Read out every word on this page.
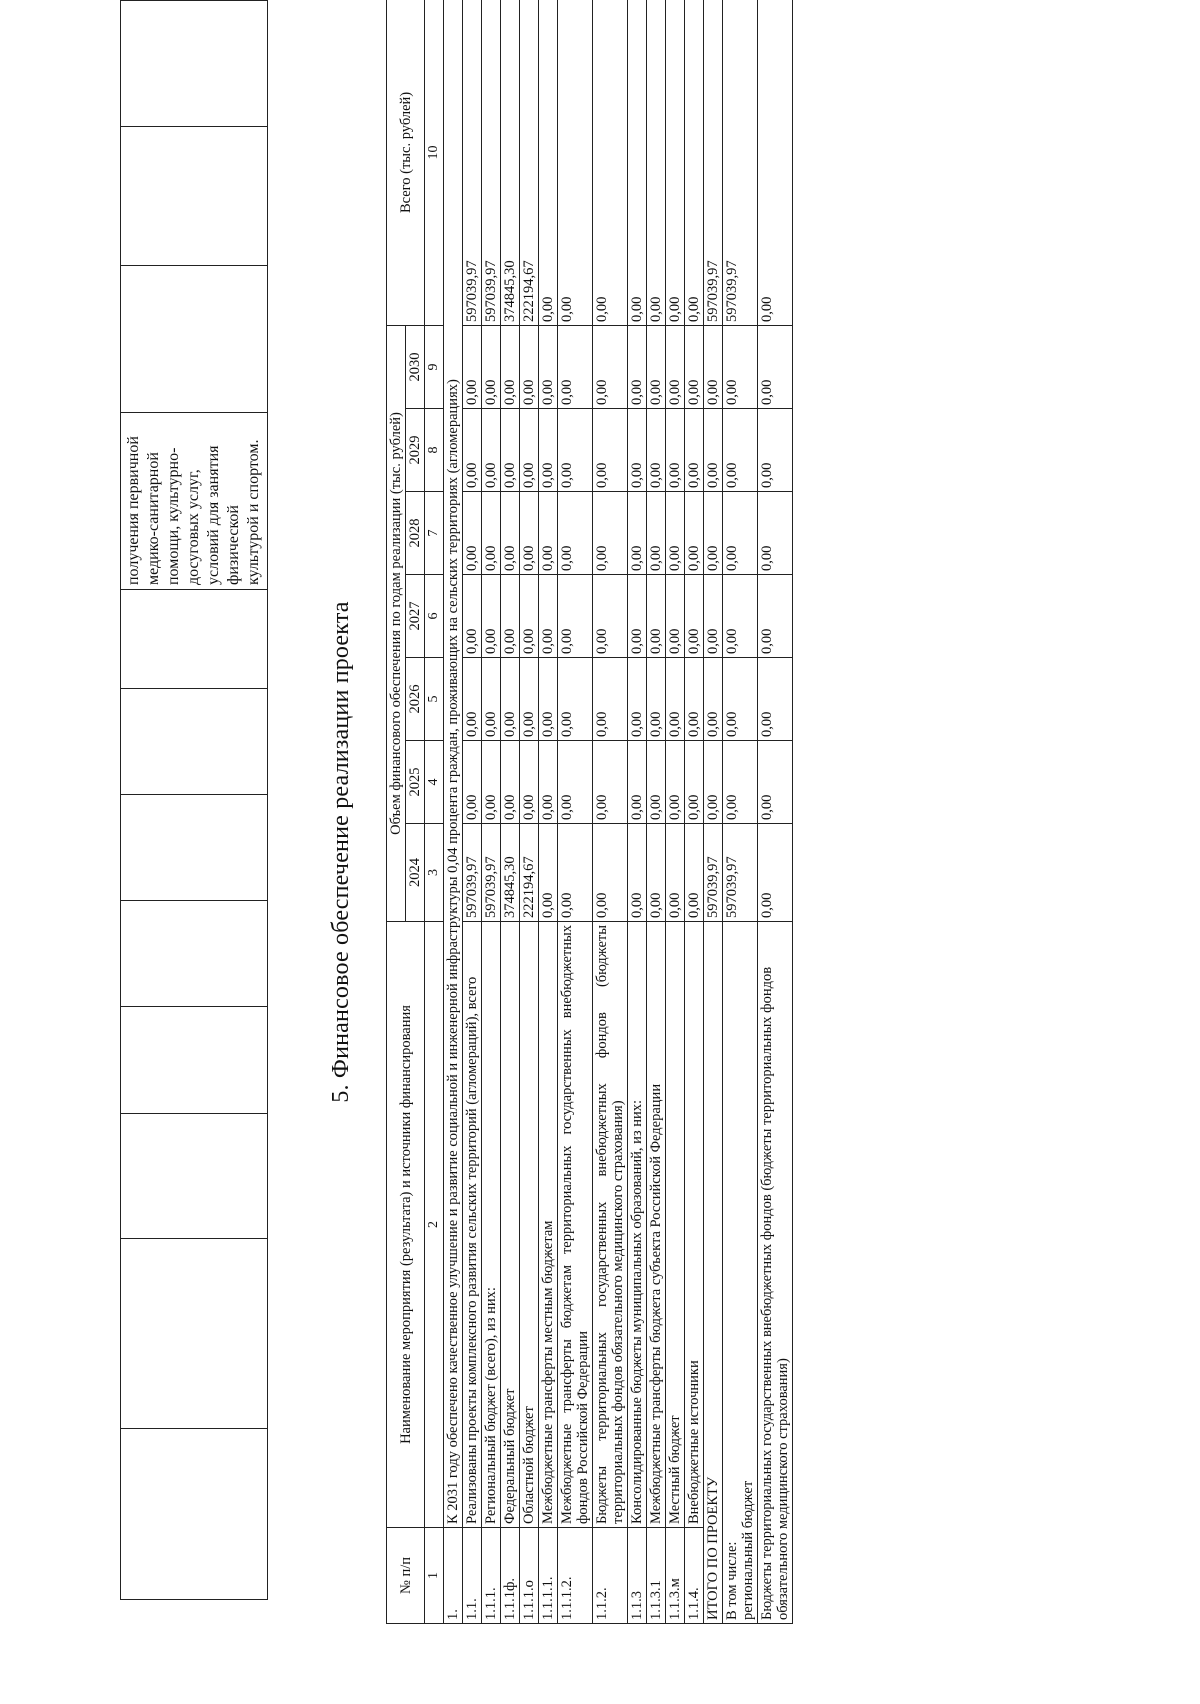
								получения первичной
медико-санитарной
помощи, культурно-
досуговых услуг,
условий для занятия
физической
культурой и спортом.			
5. Финансовое обеспечение реализации проекта
№ п/п	Наименование мероприятия (результата) и источники финансирования	Объем финансового обеспечения по годам реализации (тыс. рублей)							Всего (тыс. рублей)
		2024	2025	2026	2027	2028	2029	2030	
1	2	3	4	5	6	7	8	9	10
1.	К 2031 году обеспечено качественное улучшение и развитие социальной и инженерной инфраструктуры 0,04 процента граждан, проживающих на сельских территориях (агломерациях)								
1.1.	Реализованы проекты комплексного развития сельских территорий (агломераций), всего	597039,97	0,00	0,00	0,00	0,00	0,00	0,00	597039,97
1.1.1.	Региональный бюджет (всего), из них:	597039,97	0,00	0,00	0,00	0,00	0,00	0,00	597039,97
1.1.1ф.	Федеральный бюджет	374845,30	0,00	0,00	0,00	0,00	0,00	0,00	374845,30
1.1.1.о	Областной бюджет	222194,67	0,00	0,00	0,00	0,00	0,00	0,00	222194,67
1.1.1.1.	Межбюджетные трансферты местным бюджетам	0,00	0,00	0,00	0,00	0,00	0,00	0,00	0,00
1.1.1.2.	Межбюджетные трансферты бюджетам территориальных государственных внебюджетных фондов Российской Федерации	0,00	0,00	0,00	0,00	0,00	0,00	0,00	0,00
1.1.2.	Бюджеты территориальных государственных внебюджетных фондов (бюджеты территориальных фондов обязательного медицинского страхования)	0,00	0,00	0,00	0,00	0,00	0,00	0,00	0,00
1.1.3	Консолидированные бюджеты муниципальных образований, из них:	0,00	0,00	0,00	0,00	0,00	0,00	0,00	0,00
1.1.3.1	Межбюджетные трансферты бюджета субъекта Российской Федерации	0,00	0,00	0,00	0,00	0,00	0,00	0,00	0,00
1.1.3.м	Местный бюджет	0,00	0,00	0,00	0,00	0,00	0,00	0,00	0,00
1.1.4.	Внебюджетные источники	0,00	0,00	0,00	0,00	0,00	0,00	0,00	0,00
ИТОГО ПО ПРОЕКТУ		597039,97	0,00	0,00	0,00	0,00	0,00	0,00	597039,97
В том числе:
региональный бюджет		597039,97	0,00	0,00	0,00	0,00	0,00	0,00	597039,97
Бюджеты территориальных государственных внебюджетных фондов (бюджеты территориальных фондов обязательного медицинского страхования)		0,00	0,00	0,00	0,00	0,00	0,00	0,00	0,00
